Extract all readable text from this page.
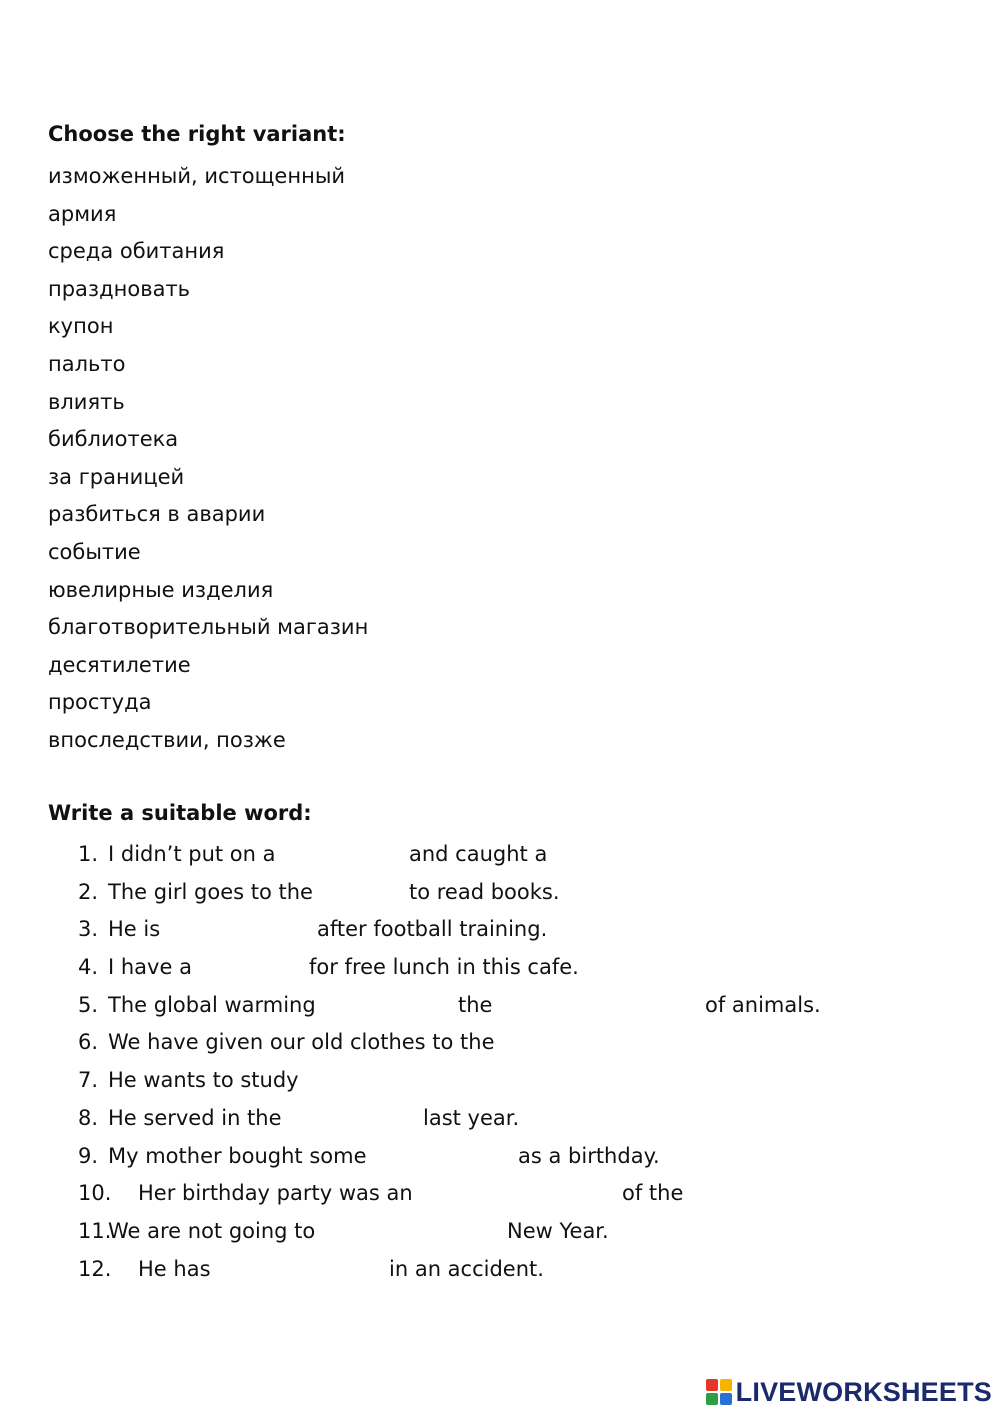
Choose the right variant:
изможенный, истощенный
армия
среда обитания
праздновать
купон
пальто
влиять
библиотека
за границей
разбиться в аварии
событие
ювелирные изделия
благотворительный магазин
десятилетие
простуда
впоследствии, позже
Write a suitable word:
1. I didn’t put on a	and caught a
2. The girl goes to the	to read books.
3. He is	after football training.
4. I have a	for free lunch in this cafe.
5. The global warming	the	of animals.
6. We have given our old clothes to the
7. He wants to study
8. He served in the	last year.
9. My mother bought some	as a birthday.
10. Her birthday party was an	of the
11.
We are not going to	New Year.
12. He has	in an accident.
LIVEWORKSHEETS
